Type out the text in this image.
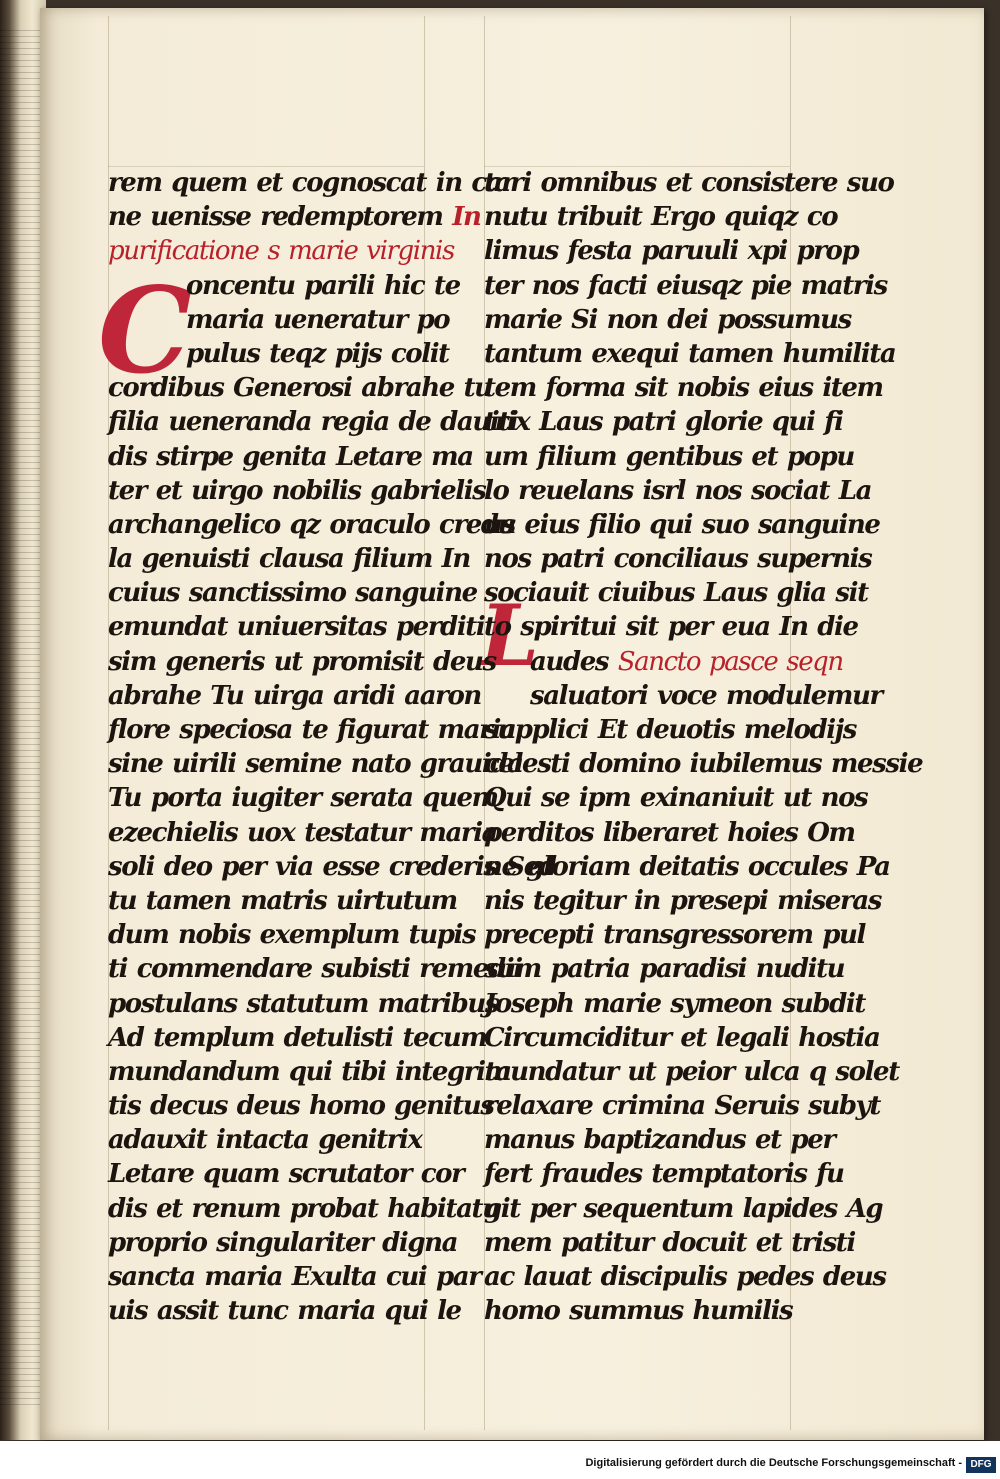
C
L
rem quem et cognoscat in car
ne uenisse redemptorem In
purificatione s marie virginis
oncentu parili hic te
maria ueneratur po
pulus teqz pijs colit
cordibus Generosi abrahe tu
filia ueneranda regia de dauiti
dis stirpe genita Letare ma
ter et uirgo nobilis gabrielis
archangelico qz oraculo credu
la genuisti clausa filium In
cuius sanctissimo sanguine
emundat uniuersitas perditi
sim generis ut promisit deus
abrahe Tu uirga aridi aaron
flore speciosa te figurat maria
sine uirili semine nato grauida
Tu porta iugiter serata quem
ezechielis uox testatur maria
soli deo per via esse crederis Sed
tu tamen matris uirtutum
dum nobis exemplum tupis
ti commendare subisti remedii
postulans statutum matribus
Ad templum detulisti tecum
mundandum qui tibi integrita
tis decus deus homo genitus
adauxit intacta genitrix
Letare quam scrutator cor
dis et renum probat habitatu
proprio singulariter digna
sancta maria Exulta cui par
uis assit tunc maria qui le
tari omnibus et consistere suo
nutu tribuit Ergo quiqz co
limus festa paruuli xpi prop
ter nos facti eiusqz pie matris
marie Si non dei possumus
tantum exequi tamen humilita
tem forma sit nobis eius item
trix Laus patri glorie qui fi
um filium gentibus et popu
lo reuelans isrl nos sociat La
us eius filio qui suo sanguine
nos patri conciliaus supernis
sociauit ciuibus Laus glia sit
to spiritui sit per eua In die
audes Sancto pasce seqn
saluatori voce modulemur
supplici Et deuotis melodijs
celesti domino iubilemus messie
Qui se ipm exinaniuit ut nos
perditos liberaret hoies Om
ne gloriam deitatis occules Pa
nis tegitur in presepi miseras
precepti transgressorem pul
sum patria paradisi nuditu
Joseph marie symeon subdit
Circumciditur et legali hostia
mundatur ut peior ulca q solet
relaxare crimina Seruis subyt
manus baptizandus et per
fert fraudes temptatoris fu
git per sequentum lapides Ag
mem patitur docuit et tristi
ac lauat discipulis pedes deus
homo summus humilis
Digitalisierung gefördert durch die Deutsche Forschungsgemeinschaft - DFG
